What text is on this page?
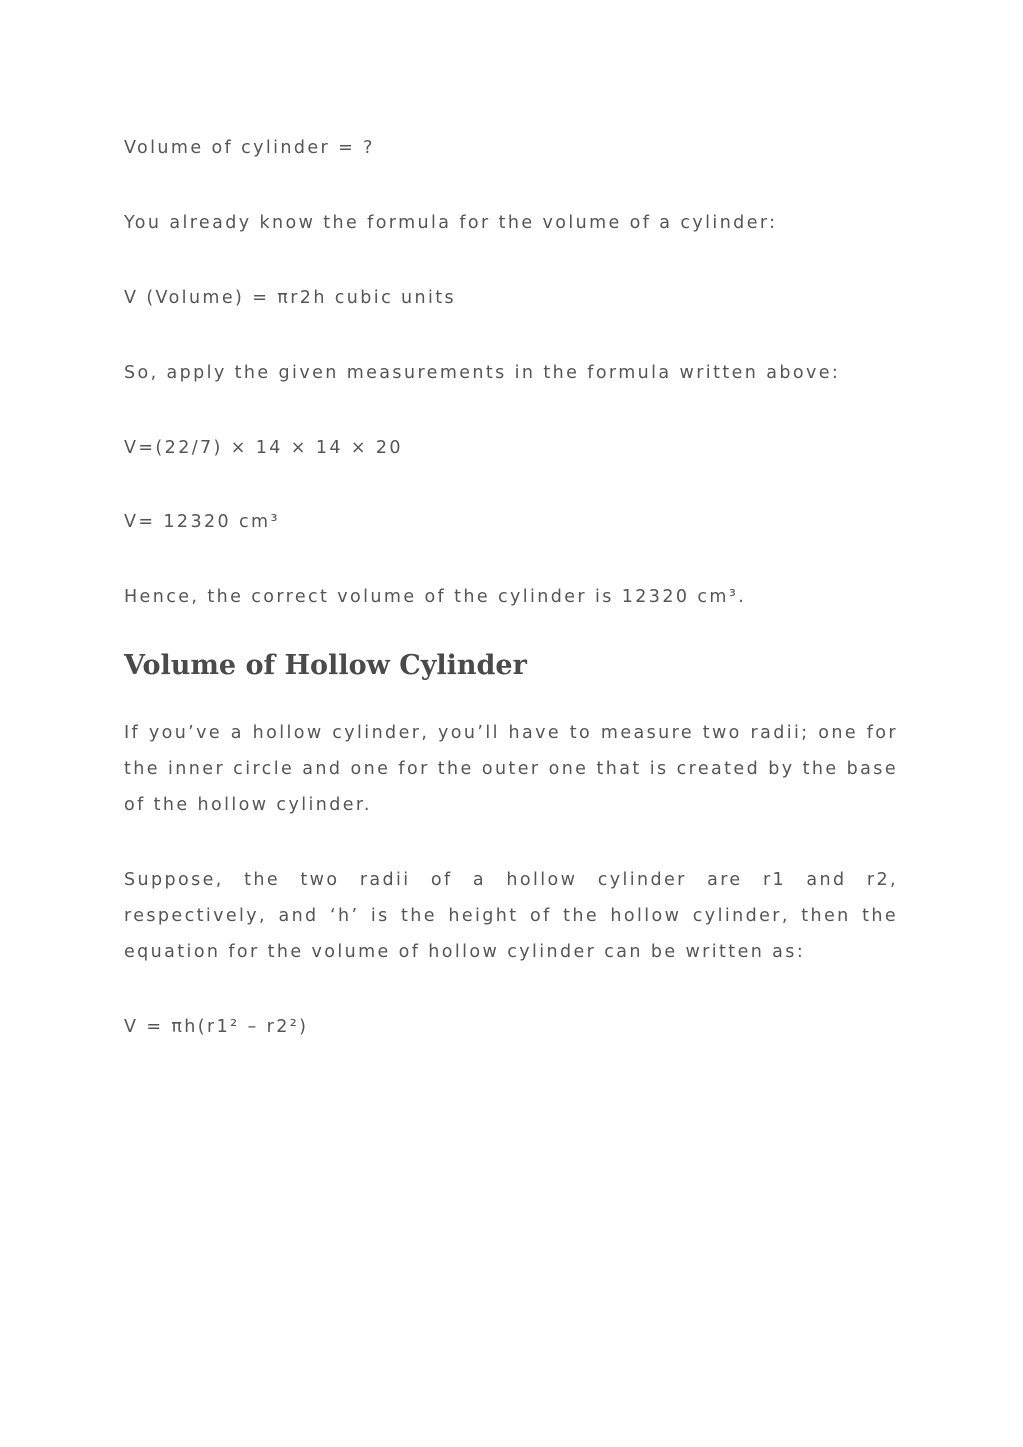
Volume of cylinder = ?
You already know the formula for the volume of a cylinder:
V (Volume) = πr2h cubic units
So, apply the given measurements in the formula written above:
V=(22/7) × 14 × 14 × 20
V= 12320 cm³
Hence, the correct volume of the cylinder is 12320 cm³.
Volume of Hollow Cylinder

If you’ve a hollow cylinder, you’ll have to measure two radii; one for the inner circle and one for the outer one that is created by the base of the hollow cylinder.

Suppose, the two radii of a hollow cylinder are r1 and r2, respectively, and ‘h’ is the height of the hollow cylinder, then the equation for the volume of hollow cylinder can be written as:

V = πh(r1² – r2²)
